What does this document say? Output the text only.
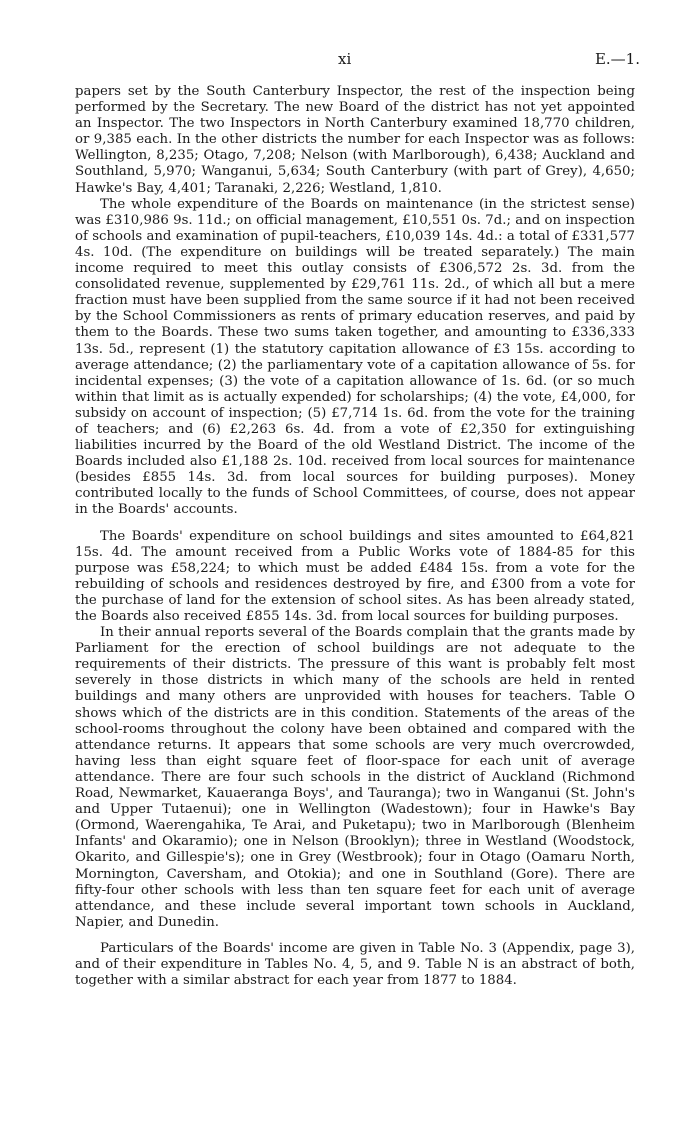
xi	E.—1.

papers set by the South Canterbury Inspector, the rest of the inspection being performed by the Secretary. The new Board of the district has not yet appointed an Inspector. The two Inspectors in North Canterbury examined 18,770 children, or 9,385 each. In the other districts the number for each Inspector was as follows: Wellington, 8,235; Otago, 7,208; Nelson (with Marlborough), 6,438; Auckland and Southland, 5,970; Wanganui, 5,634; South Canterbury (with part of Grey), 4,650; Hawke's Bay, 4,401; Taranaki, 2,226; Westland, 1,810.

The whole expenditure of the Boards on maintenance (in the strictest sense) was £310,986 9s. 11d.; on official management, £10,551 0s. 7d.; and on inspection of schools and examination of pupil-teachers, £10,039 14s. 4d.: a total of £331,577 4s. 10d. (The expenditure on buildings will be treated separately.) The main income required to meet this outlay consists of £306,572 2s. 3d. from the consolidated revenue, supplemented by £29,761 11s. 2d., of which all but a mere fraction must have been supplied from the same source if it had not been received by the School Commissioners as rents of primary education reserves, and paid by them to the Boards. These two sums taken together, and amounting to £336,333 13s. 5d., represent (1) the statutory capitation allowance of £3 15s. according to average attendance; (2) the parliamentary vote of a capitation allowance of 5s. for incidental expenses; (3) the vote of a capitation allowance of 1s. 6d. (or so much within that limit as is actually expended) for scholarships; (4) the vote, £4,000, for subsidy on account of inspection; (5) £7,714 1s. 6d. from the vote for the training of teachers; and (6) £2,263 6s. 4d. from a vote of £2,350 for extinguishing liabilities incurred by the Board of the old Westland District. The income of the Boards included also £1,188 2s. 10d. received from local sources for maintenance (besides £855 14s. 3d. from local sources for building purposes). Money contributed locally to the funds of School Committees, of course, does not appear in the Boards' accounts.

The Boards' expenditure on school buildings and sites amounted to £64,821 15s. 4d. The amount received from a Public Works vote of 1884-85 for this purpose was £58,224; to which must be added £484 15s. from a vote for the rebuilding of schools and residences destroyed by fire, and £300 from a vote for the purchase of land for the extension of school sites. As has been already stated, the Boards also received £855 14s. 3d. from local sources for building purposes.

In their annual reports several of the Boards complain that the grants made by Parliament for the erection of school buildings are not adequate to the requirements of their districts. The pressure of this want is probably felt most severely in those districts in which many of the schools are held in rented buildings and many others are unprovided with houses for teachers. Table O shows which of the districts are in this condition. Statements of the areas of the school-rooms throughout the colony have been obtained and compared with the attendance returns. It appears that some schools are very much overcrowded, having less than eight square feet of floor-space for each unit of average attendance. There are four such schools in the district of Auckland (Richmond Road, Newmarket, Kauaeranga Boys', and Tauranga); two in Wanganui (St. John's and Upper Tutaenui); one in Wellington (Wadestown); four in Hawke's Bay (Ormond, Waerengahika, Te Arai, and Puketapu); two in Marlborough (Blenheim Infants' and Okaramio); one in Nelson (Brooklyn); three in Westland (Woodstock, Okarito, and Gillespie's); one in Grey (Westbrook); four in Otago (Oamaru North, Mornington, Caversham, and Otokia); and one in Southland (Gore). There are fifty-four other schools with less than ten square feet for each unit of average attendance, and these include several important town schools in Auckland, Napier, and Dunedin.

Particulars of the Boards' income are given in Table No. 3 (Appendix, page 3), and of their expenditure in Tables No. 4, 5, and 9. Table N is an abstract of both, together with a similar abstract for each year from 1877 to 1884.
